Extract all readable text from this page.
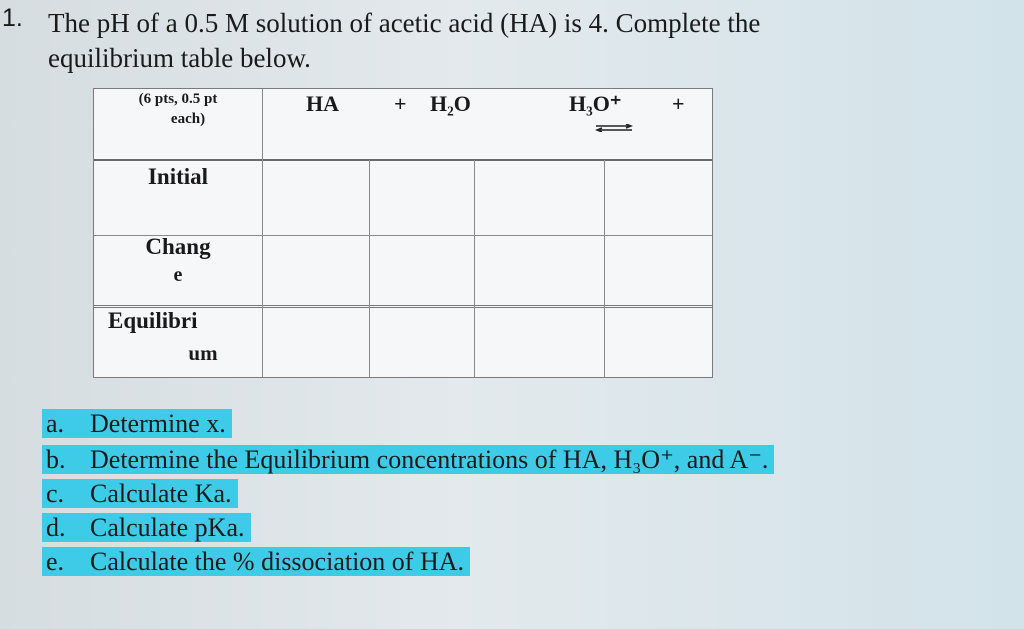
1. The pH of a 0.5 M solution of acetic acid (HA) is 4. Complete the
equilibrium table below.
(6 pts, 0.5 pt
each)
HA	+ H₂O	H₃O⁺ +
Initial
Chang
e
Equilibri
um
a. Determine x.
b. Determine the Equilibrium concentrations of HA, H₃O⁺, and A⁻.
c. Calculate Ka.
d. Calculate pKa.
e. Calculate the % dissociation of HA.
